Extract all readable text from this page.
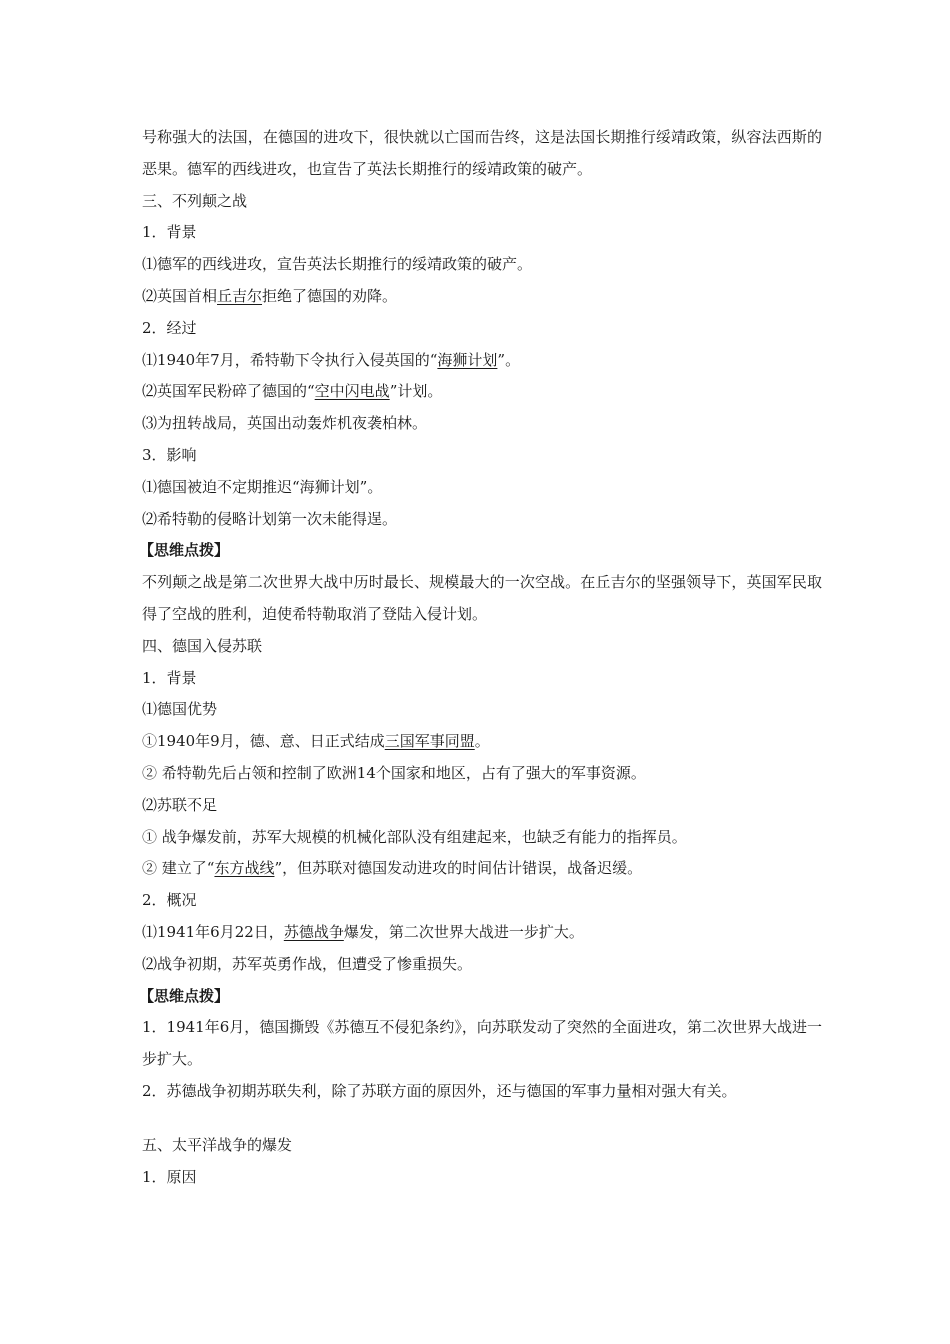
号称强大的法国，在德国的进攻下，很快就以亡国而告终，这是法国长期推行绥靖政策，纵容法西斯的恶果。德军的西线进攻，也宣告了英法长期推行的绥靖政策的破产。
三、不列颠之战
1．背景
⑴德军的西线进攻，宣告英法长期推行的绥靖政策的破产。
⑵英国首相丘吉尔拒绝了德国的劝降。
2．经过
⑴1940年7月，希特勒下令执行入侵英国的“海狮计划”。
⑵英国军民粉碎了德国的“空中闪电战”计划。
⑶为扭转战局，英国出动轰炸机夜袭柏林。
3．影响
⑴德国被迫不定期推迟“海狮计划”。
⑵希特勒的侵略计划第一次未能得逞。
【思维点拨】
不列颠之战是第二次世界大战中历时最长、规模最大的一次空战。在丘吉尔的坚强领导下，英国军民取得了空战的胜利，迫使希特勒取消了登陆入侵计划。
四、德国入侵苏联
1．背景
⑴德国优势
①1940年9月，德、意、日正式结成三国军事同盟。
② 希特勒先后占领和控制了欧洲14个国家和地区，占有了强大的军事资源。
⑵苏联不足
① 战争爆发前，苏军大规模的机械化部队没有组建起来，也缺乏有能力的指挥员。
② 建立了“东方战线”，但苏联对德国发动进攻的时间估计错误，战备迟缓。
2．概况
⑴1941年6月22日，苏德战争爆发，第二次世界大战进一步扩大。
⑵战争初期，苏军英勇作战，但遭受了惨重损失。
【思维点拨】
1．1941年6月，德国撕毁《苏德互不侵犯条约》，向苏联发动了突然的全面进攻，第二次世界大战进一步扩大。
2．苏德战争初期苏联失利，除了苏联方面的原因外，还与德国的军事力量相对强大有关。
五、太平洋战争的爆发
1．原因
